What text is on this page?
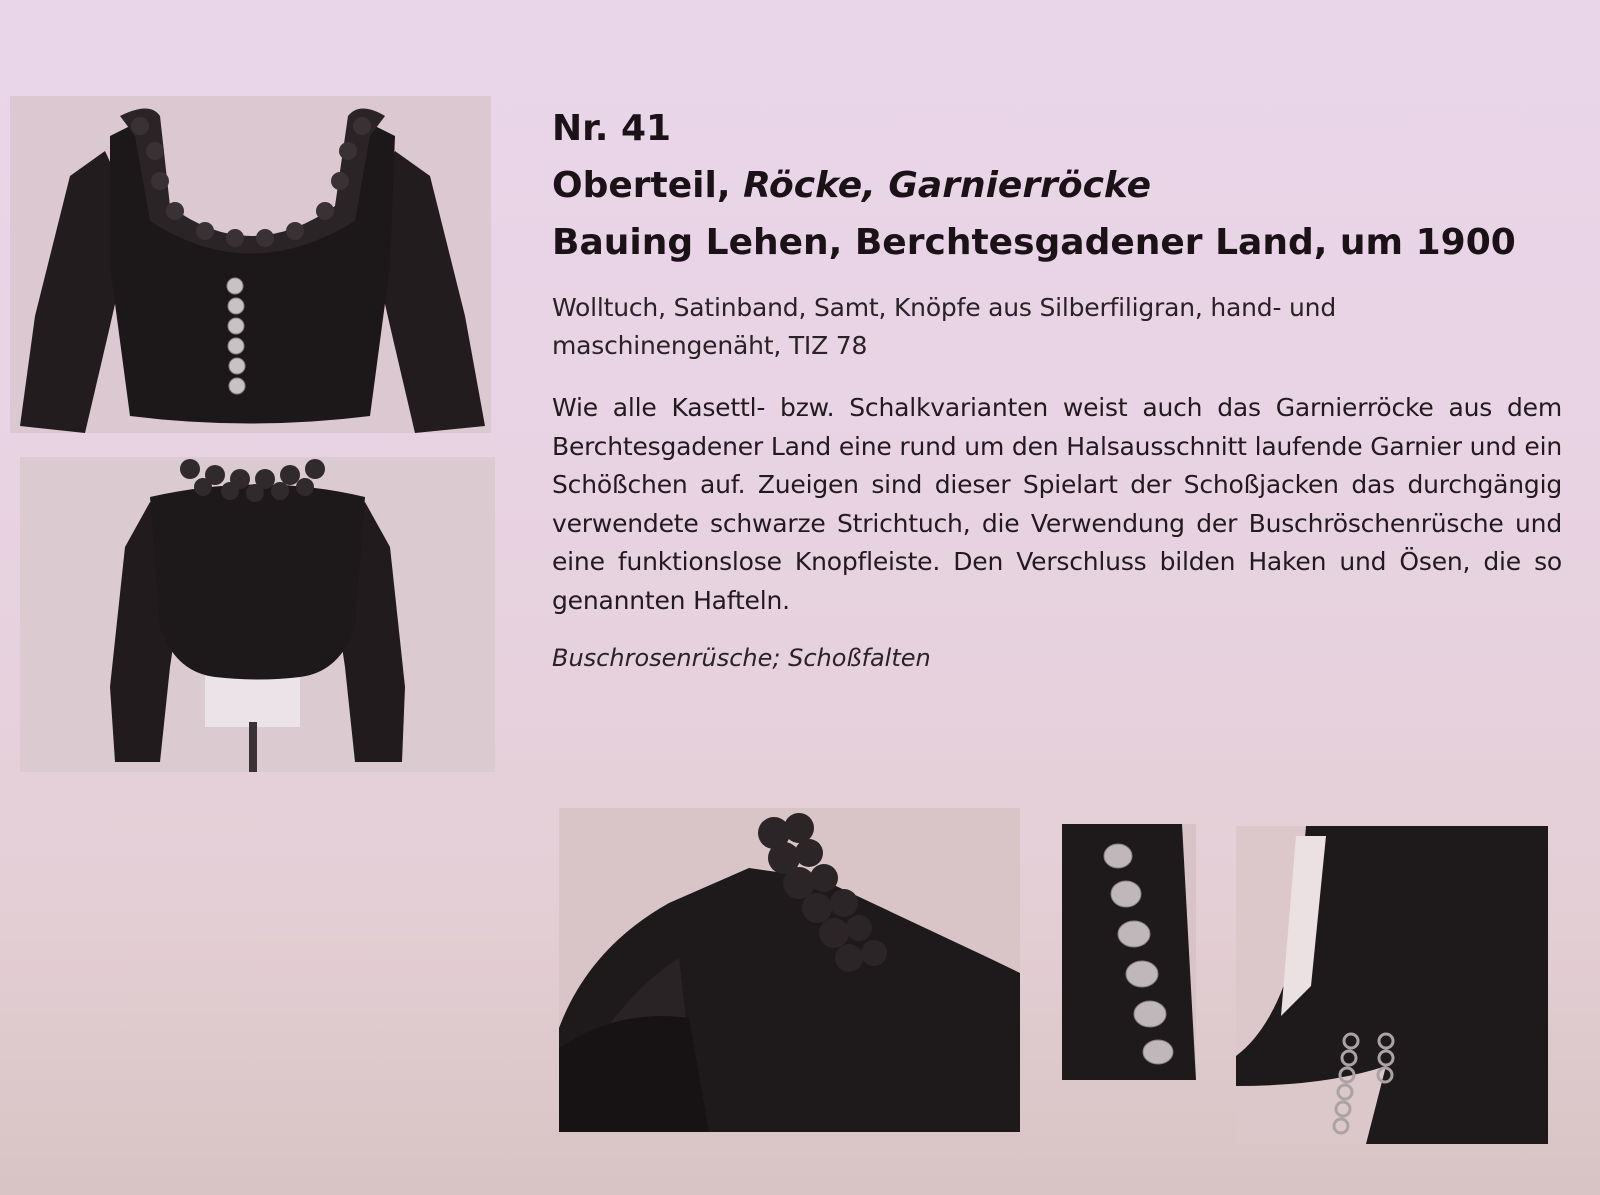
Nr. 41
Oberteil, Röcke, Garnierröcke
Bauing Lehen, Berchtesgadener Land, um 1900

Wolltuch, Satinband, Samt, Knöpfe aus Silberfiligran, hand- und maschinengenäht, TIZ 78

Wie alle Kasettl- bzw. Schalkvarianten weist auch das Garnierröcke aus dem Berchtesgadener Land eine rund um den Halsausschnitt laufende Garnier und ein Schößchen auf. Zueigen sind dieser Spielart der Schoßjacken das durchgängig verwendete schwarze Strichtuch, die Verwendung der Buschröschenrüsche und eine funktionslose Knopfleiste. Den Verschluss bilden Haken und Ösen, die so genannten Hafteln.

Buschrosenrüsche; Schoßfalten
